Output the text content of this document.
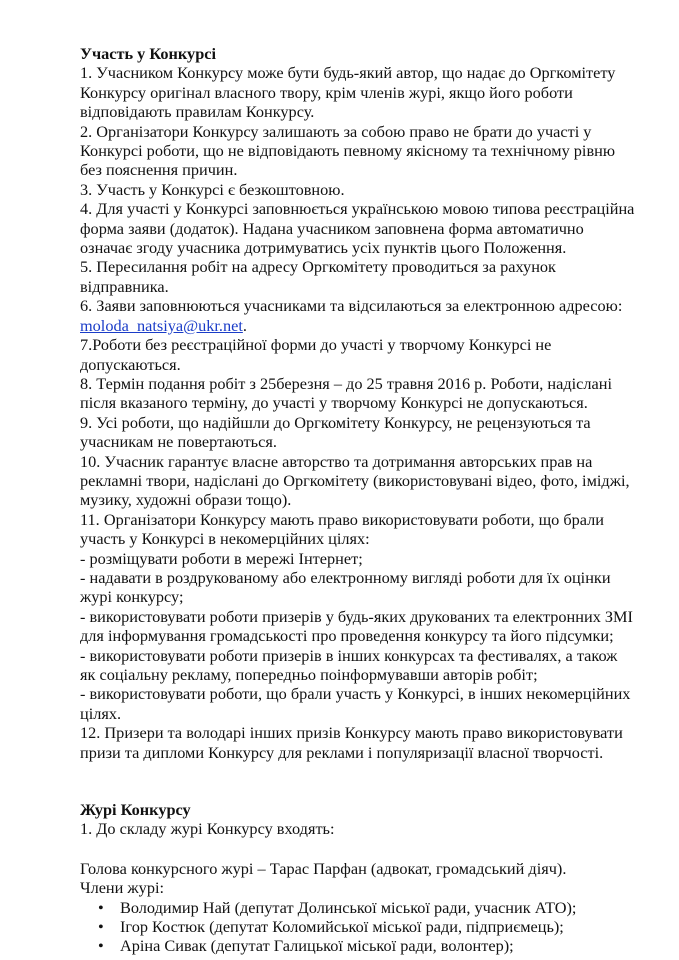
Участь у Конкурсі

1. Учасником Конкурсу може бути будь-який автор, що надає до Оргкомітету

Конкурсу оригінал власного твору, крім членів журі, якщо його роботи

відповідають правилам Конкурсу.

2. Організатори Конкурсу залишають за собою право не брати до участі у

Конкурсі роботи, що не відповідають певному якісному та технічному рівню

без пояснення причин.

3. Участь у Конкурсі є безкоштовною.

4. Для участі у Конкурсі заповнюється українською мовою типова реєстраційна

форма заяви (додаток). Надана учасником заповнена форма автоматично

означає згоду учасника дотримуватись усіх пунктів цього Положення.

5. Пересилання робіт на адресу Оргкомітету проводиться за рахунок

відправника.

6. Заяви заповнюються учасниками та відсилаються за електронною адресою:

moloda_natsiya@ukr.net.

7.Роботи без реєстраційної форми до участі у творчому Конкурсі не

допускаються.

8. Термін подання робіт з 25березня – до 25 травня 2016 р. Роботи, надіслані

після вказаного терміну, до участі у творчому Конкурсі не допускаються.

9. Усі роботи, що надійшли до Оргкомітету Конкурсу, не рецензуються та

учасникам не повертаються.

10. Учасник гарантує власне авторство та дотримання авторських прав на

рекламні твори, надіслані до Оргкомітету (використовувані відео, фото, іміджі,

музику, художні образи тощо).

11. Організатори Конкурсу мають право використовувати роботи, що брали

участь у Конкурсі в некомерційних цілях:

- розміщувати роботи в мережі Інтернет;

- надавати в роздрукованому або електронному вигляді роботи для їх оцінки

журі конкурсу;

- використовувати роботи призерів у будь-яких друкованих та електронних ЗМІ

для інформування громадськості про проведення конкурсу та його підсумки;

- використовувати роботи призерів в інших конкурсах та фестивалях, а також

як соціальну рекламу, попередньо поінформувавши авторів робіт;

- використовувати роботи, що брали участь у Конкурсі, в інших некомерційних

цілях.

12. Призери та володарі інших призів Конкурсу мають право використовувати

призи та дипломи Конкурсу для реклами і популяризації власної творчості.

Журі Конкурсу

1. До складу журі Конкурсу входять:

Голова конкурсного журі – Тарас Парфан (адвокат, громадський діяч).

Члени журі:

• Володимир Най (депутат Долинської міської ради, учасник АТО);
• Ігор Костюк (депутат Коломийської міської ради, підприємець);
• Аріна Сивак (депутат Галицької міської ради, волонтер);
